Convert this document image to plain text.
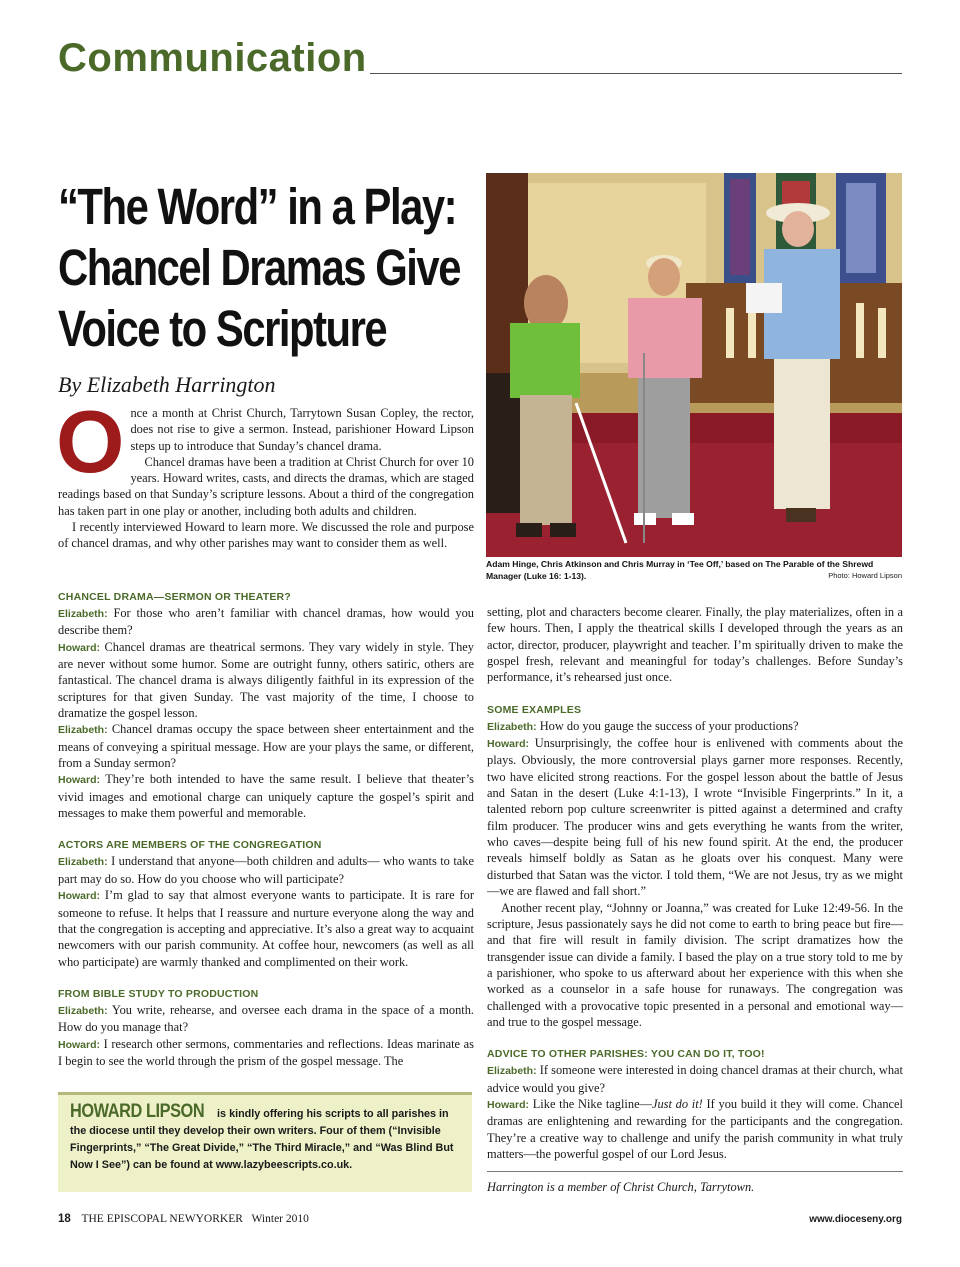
Communication
“The Word” in a Play: Chancel Dramas Give Voice to Scripture
By Elizabeth Harrington

Once a month at Christ Church, Tarrytown Susan Copley, the rector, does not rise to give a sermon. Instead, parishioner Howard Lipson steps up to introduce that Sunday’s chancel drama.

Chancel dramas have been a tradition at Christ Church for over 10 years. Howard writes, casts, and directs the dramas, which are staged readings based on that Sunday’s scripture lessons. About a third of the congregation has taken part in one play or another, including both adults and children.

I recently interviewed Howard to learn more. We discussed the role and purpose of chancel dramas, and why other parishes may want to consider them as well.

Adam Hinge, Chris Atkinson and Chris Murray in ‘Tee Off,’ based on The Parable of the Shrewd Manager (Luke 16: 1-13).	Photo: Howard Lipson
CHANCEL DRAMA—SERMON OR THEATER?

Elizabeth: For those who aren’t familiar with chancel dramas, how would you describe them?

Howard: Chancel dramas are theatrical sermons. They vary widely in style. They are never without some humor. Some are outright funny, others satiric, others are fantastical. The chancel drama is always diligently faithful in its expression of the scriptures for that given Sunday. The vast majority of the time, I choose to dramatize the gospel lesson.

Elizabeth: Chancel dramas occupy the space between sheer entertainment and the means of conveying a spiritual message. How are your plays the same, or different, from a Sunday sermon?

Howard: They’re both intended to have the same result. I believe that theater’s vivid images and emotional charge can uniquely capture the gospel’s spirit and messages to make them powerful and memorable.

ACTORS ARE MEMBERS OF THE CONGREGATION

Elizabeth: I understand that anyone—both children and adults— who wants to take part may do so. How do you choose who will participate?

Howard: I’m glad to say that almost everyone wants to participate. It is rare for someone to refuse. It helps that I reassure and nurture everyone along the way and that the congregation is accepting and appreciative. It’s also a great way to acquaint newcomers with our parish community. At coffee hour, newcomers (as well as all who participate) are warmly thanked and complimented on their work.

FROM BIBLE STUDY TO PRODUCTION

Elizabeth: You write, rehearse, and oversee each drama in the space of a month. How do you manage that?

Howard: I research other sermons, commentaries and reflections. Ideas marinate as I begin to see the world through the prism of the gospel message. The

setting, plot and characters become clearer. Finally, the play materializes, often in a few hours. Then, I apply the theatrical skills I developed through the years as an actor, director, producer, playwright and teacher. I’m spiritually driven to make the gospel fresh, relevant and meaningful for today’s challenges. Before Sunday’s performance, it’s rehearsed just once.

SOME EXAMPLES

Elizabeth: How do you gauge the success of your productions?

Howard: Unsurprisingly, the coffee hour is enlivened with comments about the plays. Obviously, the more controversial plays garner more responses. Recently, two have elicited strong reactions. For the gospel lesson about the battle of Jesus and Satan in the desert (Luke 4:1-13), I wrote “Invisible Fingerprints.” In it, a talented reborn pop culture screenwriter is pitted against a determined and crafty film producer. The producer wins and gets everything he wants from the writer, who caves—despite being full of his new found spirit. At the end, the producer reveals himself boldly as Satan as he gloats over his conquest. Many were disturbed that Satan was the victor. I told them, “We are not Jesus, try as we might—we are flawed and fall short.”

Another recent play, “Johnny or Joanna,” was created for Luke 12:49-56. In the scripture, Jesus passionately says he did not come to earth to bring peace but fire—and that fire will result in family division. The script dramatizes how the transgender issue can divide a family. I based the play on a true story told to me by a parishioner, who spoke to us afterward about her experience with this when she worked as a counselor in a safe house for runaways. The congregation was challenged with a provocative topic presented in a personal and emotional way—and true to the gospel message.

ADVICE TO OTHER PARISHES: YOU CAN DO IT, TOO!

Elizabeth: If someone were interested in doing chancel dramas at their church, what advice would you give?

Howard: Like the Nike tagline—Just do it! If you build it they will come. Chancel dramas are enlightening and rewarding for the participants and the congregation. They’re a creative way to challenge and unify the parish community in what truly matters—the powerful gospel of our Lord Jesus.

HOWARD LIPSON is kindly offering his scripts to all parishes in the diocese until they develop their own writers. Four of them (“Invisible Fingerprints,” “The Great Divide,” “The Third Miracle,” and “Was Blind But Now I See”) can be found at www.lazybeescripts.co.uk.
Harrington is a member of Christ Church, Tarrytown.
18 THE EPISCOPAL NEWYORKER Winter 2010	www.dioceseny.org
